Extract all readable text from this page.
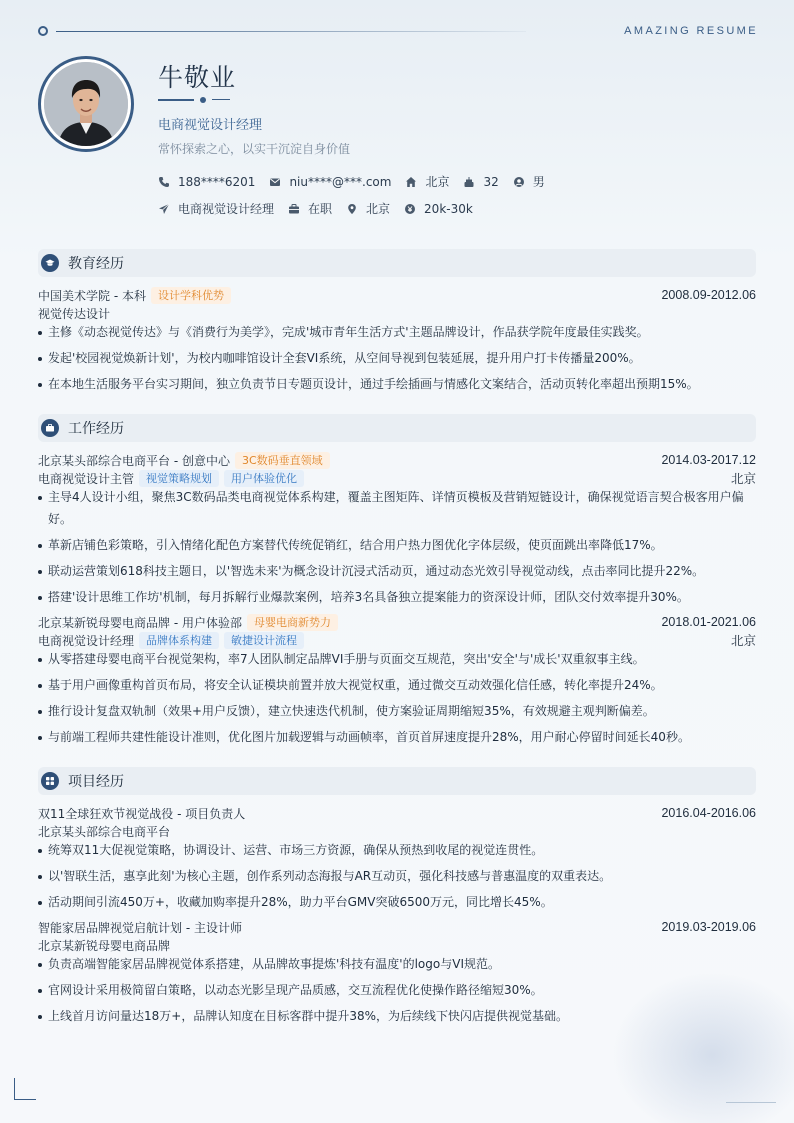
AMAZING RESUME
牛敬业
电商视觉设计经理
常怀探索之心，以实干沉淀自身价值
188****6201	niu****@***.com	北京	32	男
电商视觉设计经理	在职	北京	20k-30k
教育经历
中国美术学院 - 本科	设计学科优势	2008.09-2012.06
视觉传达设计
主修《动态视觉传达》与《消费行为美学》，完成'城市青年生活方式'主题品牌设计，作品获学院年度最佳实践奖。
发起'校园视觉焕新计划'，为校内咖啡馆设计全套VI系统，从空间导视到包装延展，提升用户打卡传播量200%。
在本地生活服务平台实习期间，独立负责节日专题页设计，通过手绘插画与情感化文案结合，活动页转化率超出预期15%。
工作经历
北京某头部综合电商平台 - 创意中心	3C数码垂直领域	2014.03-2017.12
电商视觉设计主管	视觉策略规划	用户体验优化	北京
主导4人设计小组，聚焦3C数码品类电商视觉体系构建，覆盖主图矩阵、详情页模板及营销短链设计，确保视觉语言契合极客用户偏
好。
革新店铺色彩策略，引入情绪化配色方案替代传统促销红，结合用户热力图优化字体层级，使页面跳出率降低17%。
联动运营策划618科技主题日，以'智选未来'为概念设计沉浸式活动页，通过动态光效引导视觉动线，点击率同比提升22%。
搭建'设计思维工作坊'机制，每月拆解行业爆款案例，培养3名具备独立提案能力的资深设计师，团队交付效率提升30%。
北京某新锐母婴电商品牌 - 用户体验部	母婴电商新势力	2018.01-2021.06
电商视觉设计经理	品牌体系构建	敏捷设计流程	北京
从零搭建母婴电商平台视觉架构，率7人团队制定品牌VI手册与页面交互规范，突出'安全'与'成长'双重叙事主线。
基于用户画像重构首页布局，将安全认证模块前置并放大视觉权重，通过微交互动效强化信任感，转化率提升24%。
推行设计复盘双轨制（效果+用户反馈），建立快速迭代机制，使方案验证周期缩短35%，有效规避主观判断偏差。
与前端工程师共建性能设计准则，优化图片加载逻辑与动画帧率，首页首屏速度提升28%，用户耐心停留时间延长40秒。
项目经历
双11全球狂欢节视觉战役 - 项目负责人	2016.04-2016.06
北京某头部综合电商平台
统筹双11大促视觉策略，协调设计、运营、市场三方资源，确保从预热到收尾的视觉连贯性。
以'智联生活，惠享此刻'为核心主题，创作系列动态海报与AR互动页，强化科技感与普惠温度的双重表达。
活动期间引流450万+，收藏加购率提升28%，助力平台GMV突破6500万元，同比增长45%。
智能家居品牌视觉启航计划 - 主设计师	2019.03-2019.06
北京某新锐母婴电商品牌
负责高端智能家居品牌视觉体系搭建，从品牌故事提炼'科技有温度'的logo与VI规范。
官网设计采用极简留白策略，以动态光影呈现产品质感，交互流程优化使操作路径缩短30%。
上线首月访问量达18万+，品牌认知度在目标客群中提升38%，为后续线下快闪店提供视觉基础。
